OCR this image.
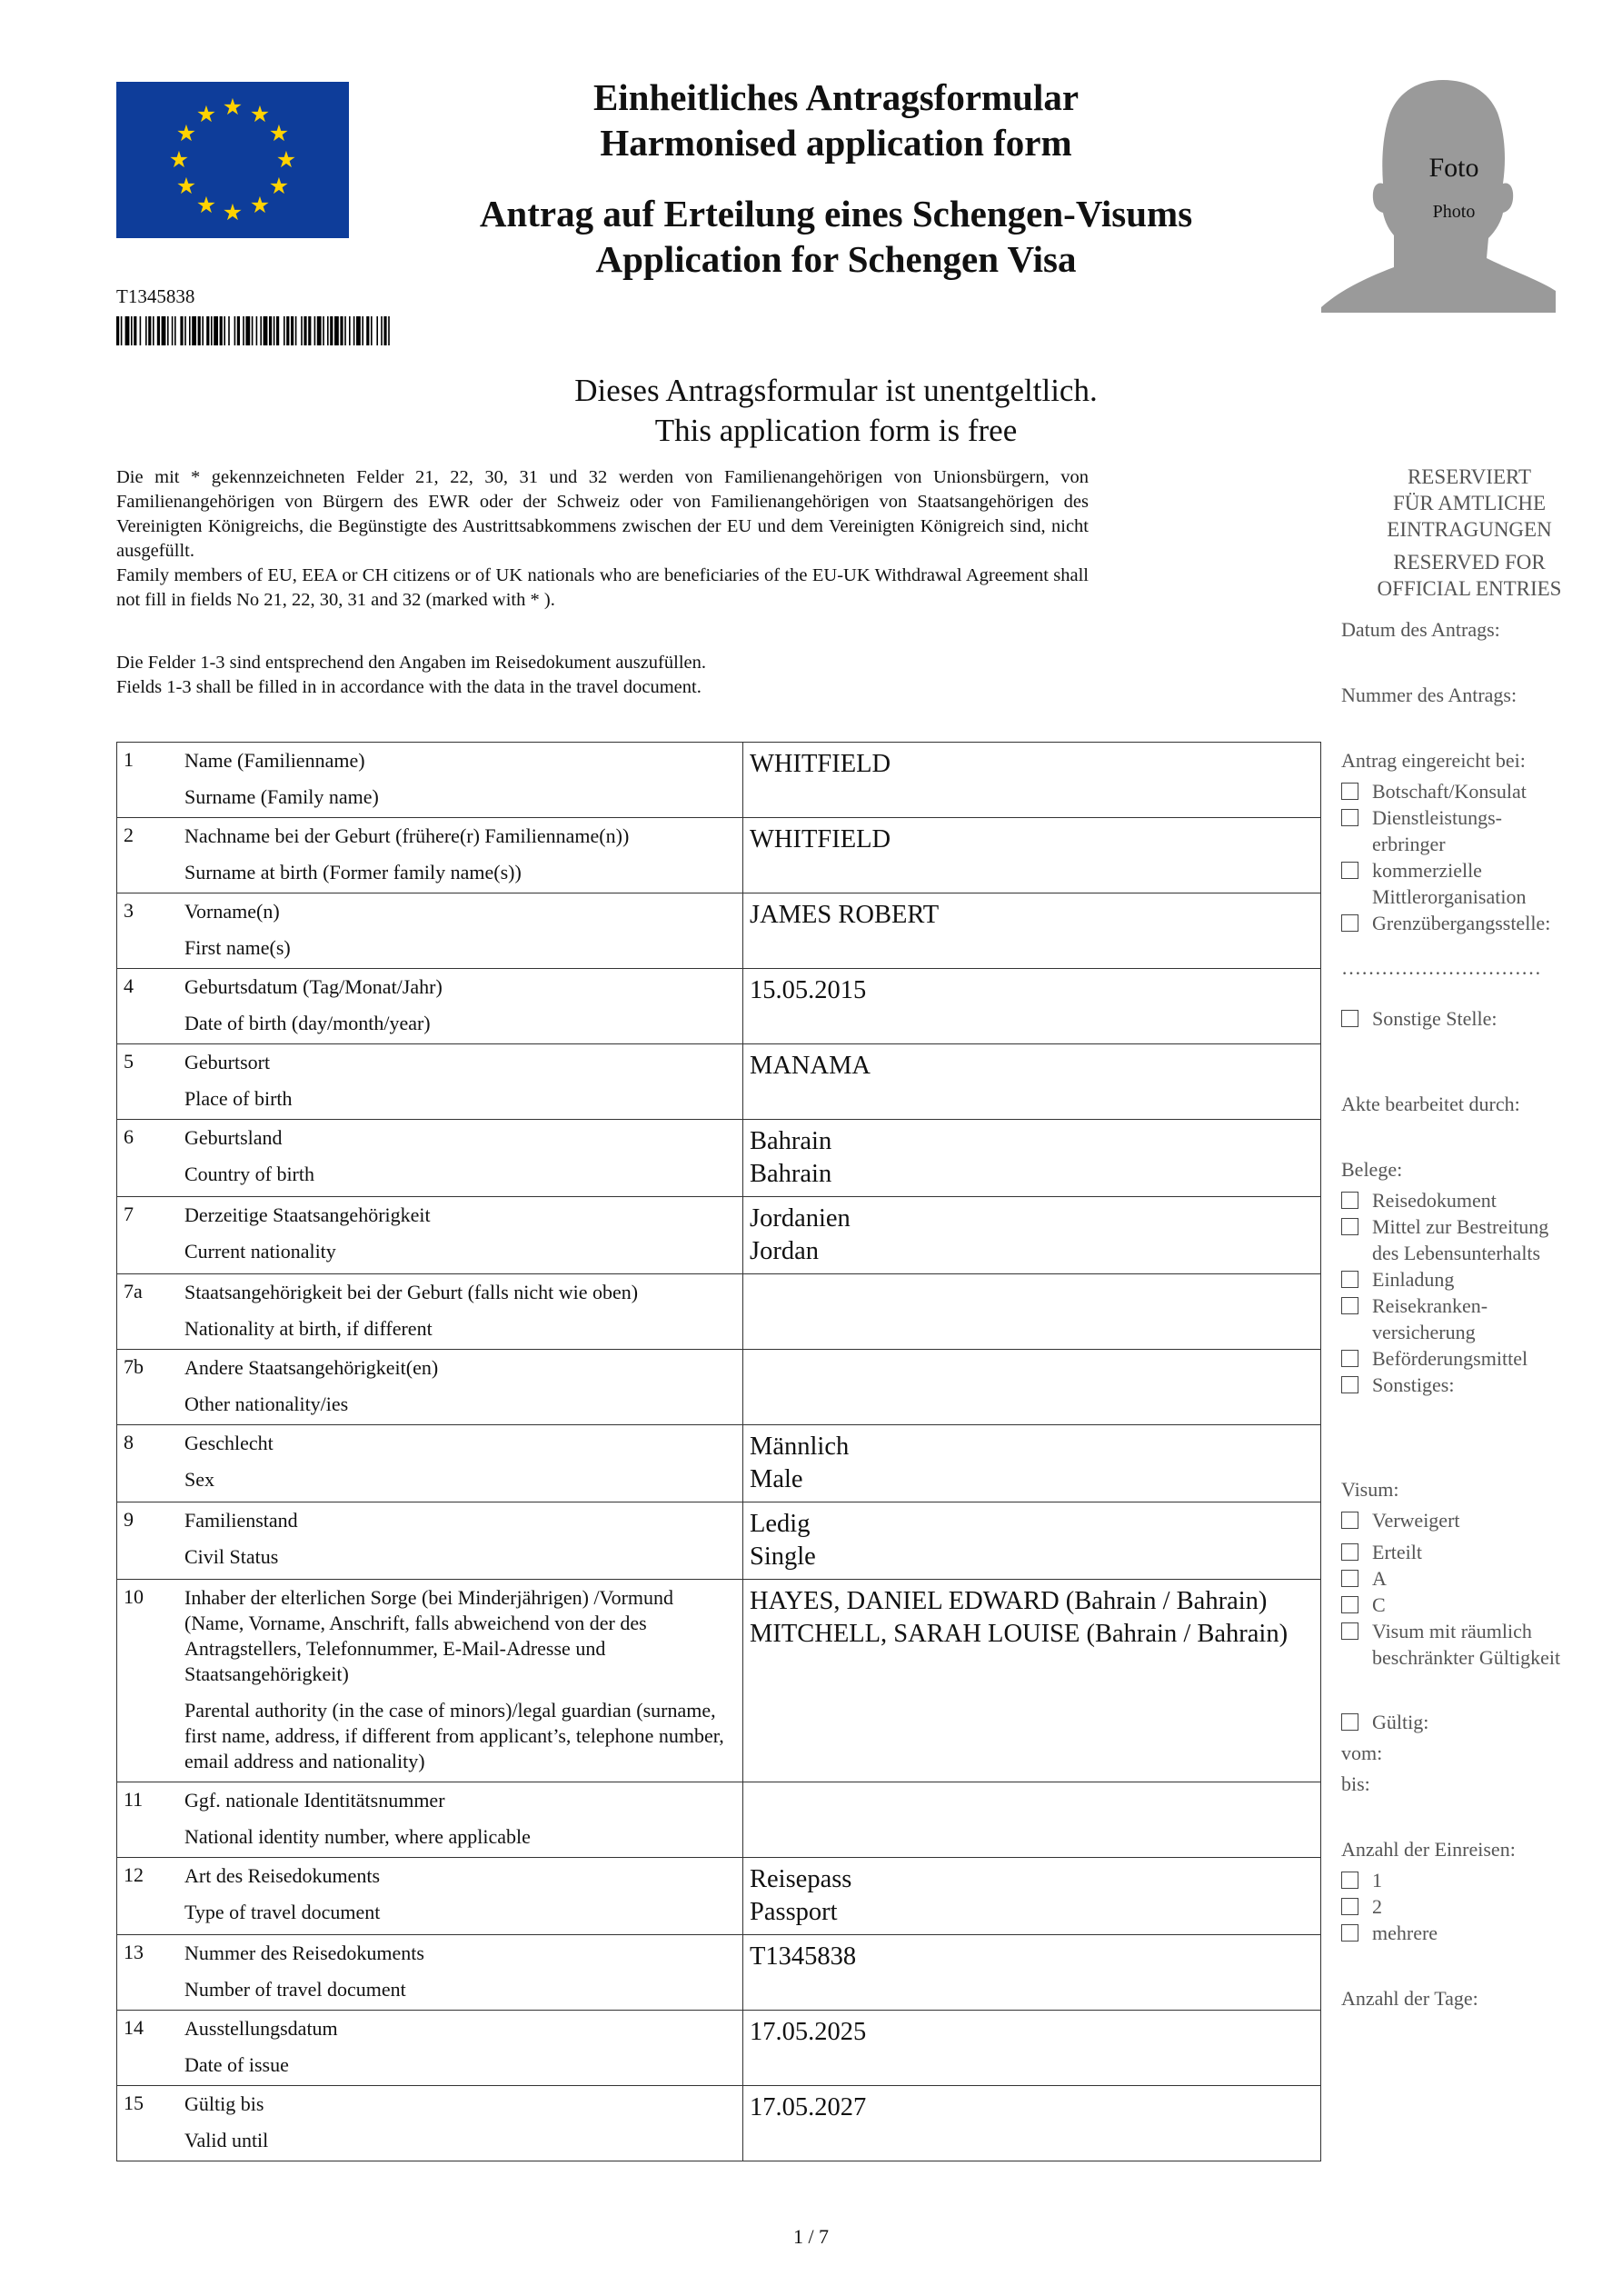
★ ★
★
★
★
★
★
★
★
★
★
★	Einheitliches Antragsformular
Harmonised application form
Antrag auf Erteilung eines Schengen-Visums
Application for Schengen Visa
T1345838
Foto
Photo
Dieses Antragsformular ist unentgeltlich.
This application form is free
Die mit * gekennzeichneten Felder 21, 22, 30, 31 und 32 werden von Familienangehörigen von Unionsbürgern, von Familienangehörigen von Bürgern des EWR oder der Schweiz oder von Familienangehörigen von Staatsangehörigen des Vereinigten Königreichs, die Begünstigte des Austrittsabkommens zwischen der EU und dem Vereinigten Königreich sind, nicht ausgefüllt.
Family members of EU, EEA or CH citizens or of UK nationals who are beneficiaries of the EU-UK Withdrawal Agreement shall not fill in fields No 21, 22, 30, 31 and 32 (marked with * ).
Die Felder 1-3 sind entsprechend den Angaben im Reisedokument auszufüllen.
Fields 1-3 shall be filled in in accordance with the data in the travel document.
1	Name (Familienname)
Surname (Family name)	WHITFIELD

2	Nachname bei der Geburt (frühere(r) Familienname(n))
Surname at birth (Former family name(s))	WHITFIELD

3	Vorname(n)
First name(s)	JAMES ROBERT

4	Geburtsdatum (Tag/Monat/Jahr)
Date of birth (day/month/year)	15.05.2015

5	Geburtsort
Place of birth	MANAMA

6	Geburtsland
Country of birth	Bahrain
Bahrain

7	Derzeitige Staatsangehörigkeit
Current nationality	Jordanien
Jordan

7a	Staatsangehörigkeit bei der Geburt (falls nicht wie oben)
Nationality at birth, if different	

7b	Andere Staatsangehörigkeit(en)
Other nationality/ies	

8	Geschlecht
Sex	Männlich
Male

9	Familienstand
Civil Status	Ledig
Single

10	Inhaber der elterlichen Sorge (bei Minderjährigen) /Vormund (Name, Vorname, Anschrift, falls abweichend von der des Antragstellers, Telefonnummer, E-Mail-Adresse und Staatsangehörigkeit)
Parental authority (in the case of minors)/legal guardian (surname, first name, address, if different from applicant’s, telephone number, email address and nationality)	HAYES, DANIEL EDWARD (Bahrain / Bahrain)
MITCHELL, SARAH LOUISE (Bahrain / Bahrain)

11	Ggf. nationale Identitätsnummer
National identity number, where applicable	

12	Art des Reisedokuments
Type of travel document	Reisepass
Passport

13	Nummer des Reisedokuments
Number of travel document	T1345838

14	Ausstellungsdatum
Date of issue	17.05.2025

15	Gültig bis
Valid until	17.05.2027
RESERVIERT
FÜR AMTLICHE
EINTRAGUNGEN
RESERVED FOR
OFFICIAL ENTRIES
Datum des Antrags:
Nummer des Antrags:
Antrag eingereicht bei:
Botschaft/Konsulat
Dienstleistungs-
erbringer
kommerzielle
Mittlerorganisation
Grenzübergangsstelle:
…………………………
Sonstige Stelle:
Akte bearbeitet durch:
Belege:
Reisedokument
Mittel zur Bestreitung
des Lebensunterhalts
Einladung
Reisekranken-
versicherung
Beförderungsmittel
Sonstiges:
Visum:
Verweigert
Erteilt
A
C
Visum mit räumlich
beschränkter Gültigkeit
Gültig:
vom:
bis:
Anzahl der Einreisen:
1
2
mehrere
Anzahl der Tage:
1 / 7
